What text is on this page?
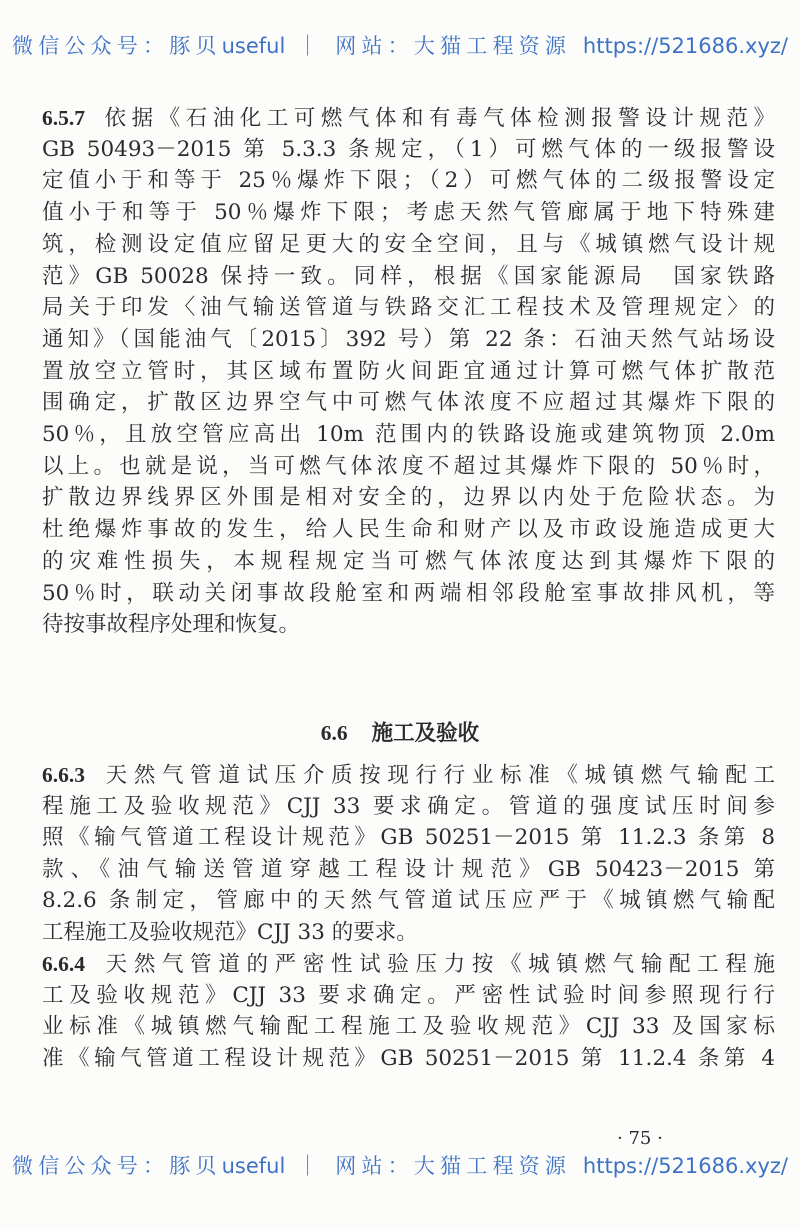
微信公众号：豚贝useful ｜ 网站：大猫工程资源 https://521686.xyz/
6.5.7 依据《石油化工可燃气体和有毒气体检测报警设计规范》
GB 50493－2015 第 5.3.3 条规定，（1）可燃气体的一级报警设
定值小于和等于 25％爆炸下限；（2）可燃气体的二级报警设定
值小于和等于 50％爆炸下限；考虑天然气管廊属于地下特殊建
筑，检测设定值应留足更大的安全空间，且与《城镇燃气设计规
范》GB 50028 保持一致。同样，根据《国家能源局　国家铁路
局关于印发〈油气输送管道与铁路交汇工程技术及管理规定〉的
通知》（国能油气〔2015〕392 号）第 22 条：石油天然气站场设
置放空立管时，其区域布置防火间距宜通过计算可燃气体扩散范
围确定，扩散区边界空气中可燃气体浓度不应超过其爆炸下限的
50％，且放空管应高出 10m 范围内的铁路设施或建筑物顶 2.0m
以上。也就是说，当可燃气体浓度不超过其爆炸下限的 50％时，
扩散边界线界区外围是相对安全的，边界以内处于危险状态。为
杜绝爆炸事故的发生，给人民生命和财产以及市政设施造成更大
的灾难性损失，本规程规定当可燃气体浓度达到其爆炸下限的
50％时，联动关闭事故段舱室和两端相邻段舱室事故排风机，等
待按事故程序处理和恢复。
6.6 施工及验收
6.6.3 天然气管道试压介质按现行行业标准《城镇燃气输配工
程施工及验收规范》CJJ 33 要求确定。管道的强度试压时间参
照《输气管道工程设计规范》GB 50251－2015 第 11.2.3 条第 8
款、《油气输送管道穿越工程设计规范》GB 50423－2015 第
8.2.6 条制定，管廊中的天然气管道试压应严于《城镇燃气输配
工程施工及验收规范》CJJ 33 的要求。
6.6.4 天然气管道的严密性试验压力按《城镇燃气输配工程施
工及验收规范》CJJ 33 要求确定。严密性试验时间参照现行行
业标准《城镇燃气输配工程施工及验收规范》CJJ 33 及国家标
准《输气管道工程设计规范》GB 50251－2015 第 11.2.4 条第 4
· 75 ·
微信公众号：豚贝useful ｜ 网站：大猫工程资源 https://521686.xyz/
